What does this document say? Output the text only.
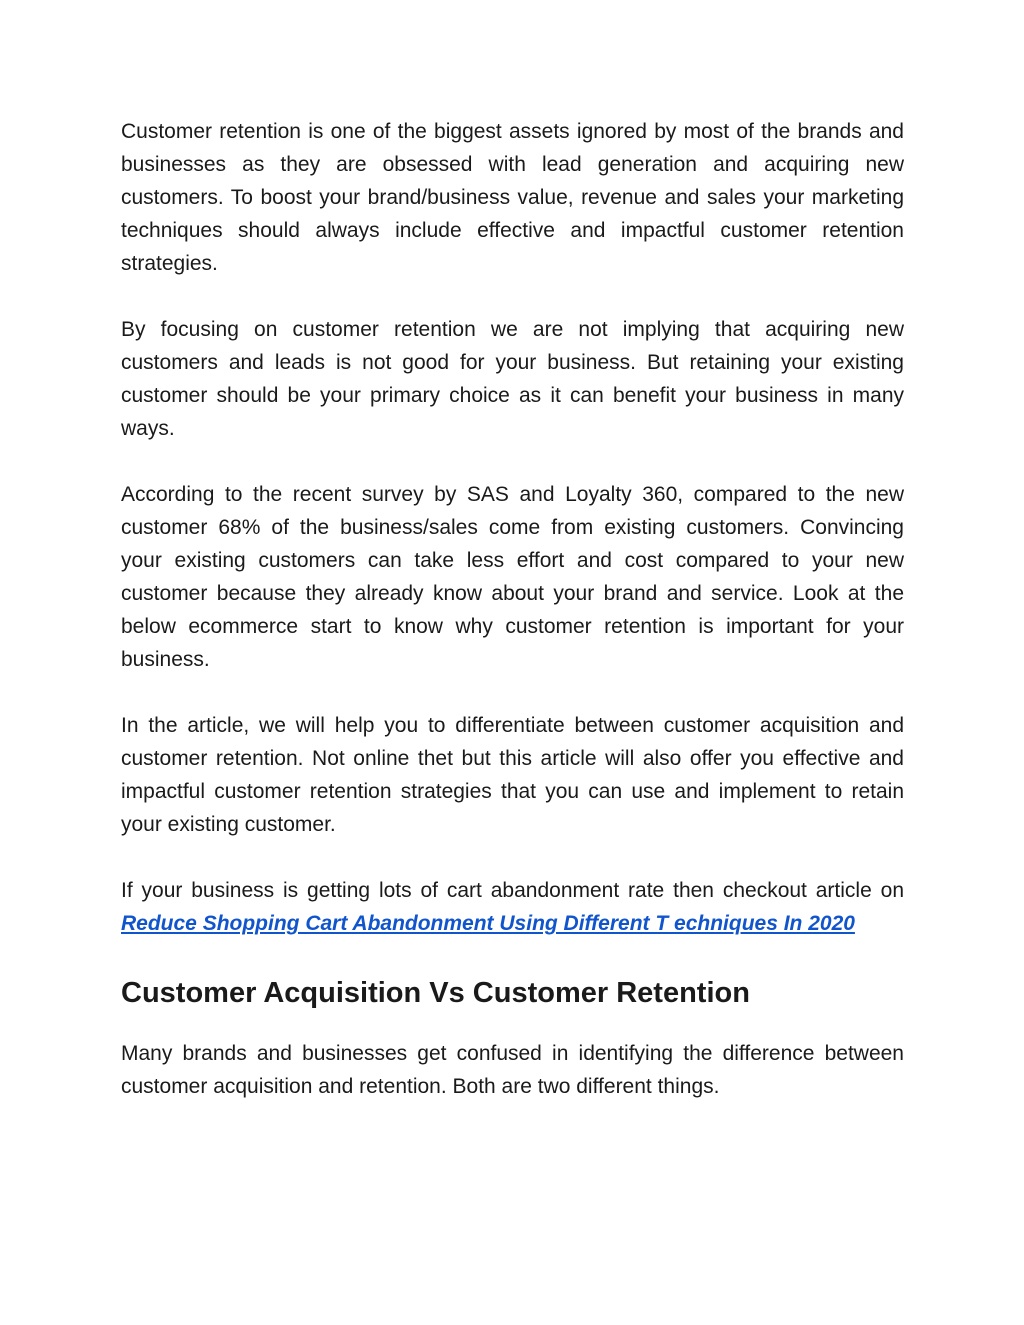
Customer retention is one of the biggest assets ignored by most of the brands and businesses as they are obsessed with lead generation and acquiring new customers. To boost your brand/business value, revenue and sales your marketing techniques should always include effective and impactful customer retention strategies.

By focusing on customer retention we are not implying that acquiring new customers and leads is not good for your business. But retaining your existing customer should be your primary choice as it can benefit your business in many ways.

According to the recent survey by SAS and Loyalty 360, compared to the new customer 68% of the business/sales come from existing customers. Convincing your existing customers can take less effort and cost compared to your new customer because they already know about your brand and service. Look at the below ecommerce start to know why customer retention is important for your business.

In the article, we will help you to differentiate between customer acquisition and customer retention. Not online thet but this article will also offer you effective and impactful customer retention strategies that you can use and implement to retain your existing customer.

If your business is getting lots of cart abandonment rate then checkout article on Reduce Shopping Cart Abandonment Using Different T echniques In 2020

Customer Acquisition Vs Customer Retention

Many brands and businesses get confused in identifying the difference between customer acquisition and retention. Both are two different things.
